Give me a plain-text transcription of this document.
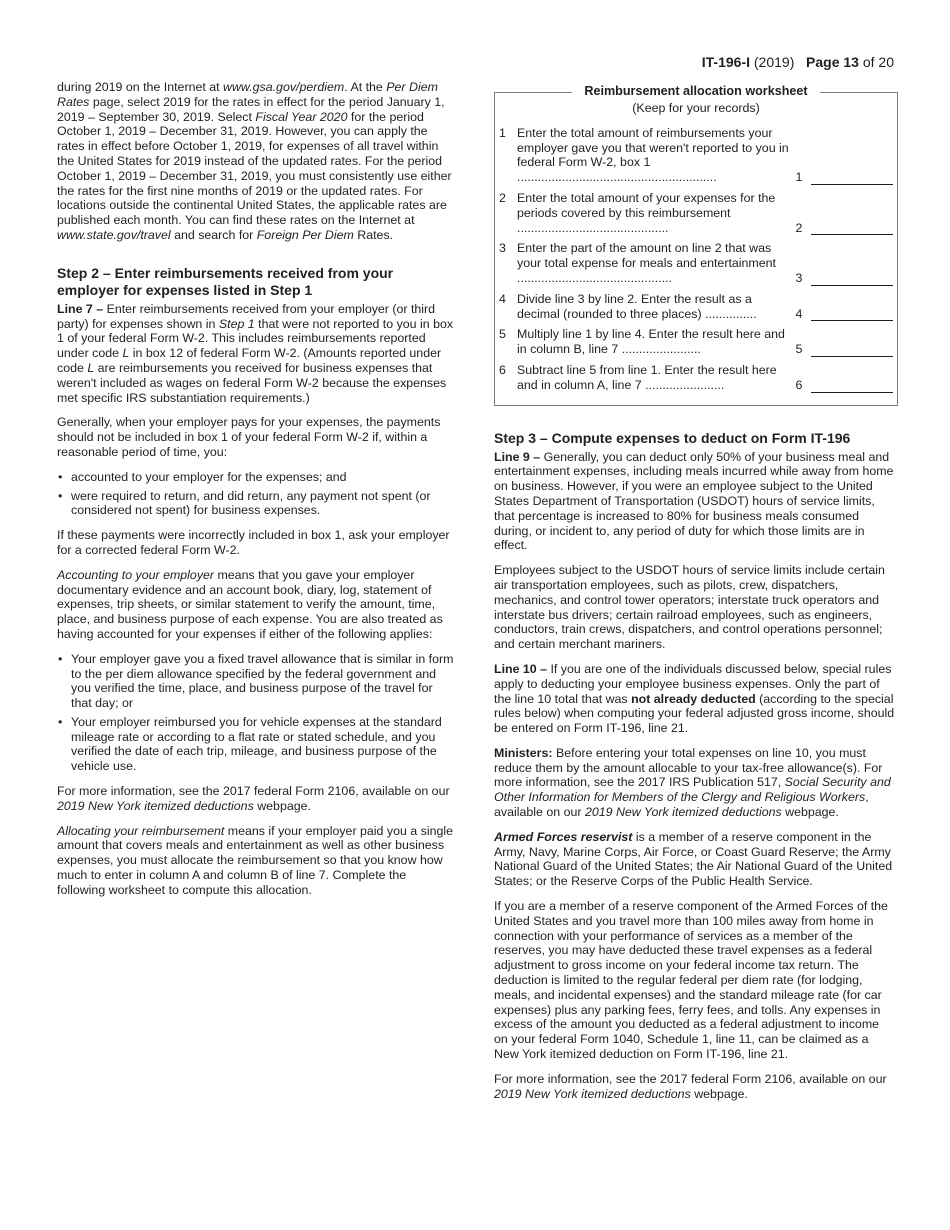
IT-196-I (2019) Page 13 of 20

during 2019 on the Internet at www.gsa.gov/perdiem. At the Per Diem Rates page, select 2019 for the rates in effect for the period January 1, 2019 – September 30, 2019. Select Fiscal Year 2020 for the period October 1, 2019 – December 31, 2019. However, you can apply the rates in effect before October 1, 2019, for expenses of all travel within the United States for 2019 instead of the updated rates. For the period October 1, 2019 – December 31, 2019, you must consistently use either the rates for the first nine months of 2019 or the updated rates. For locations outside the continental United States, the applicable rates are published each month. You can find these rates on the Internet at www.state.gov/travel and search for Foreign Per Diem Rates.

Step 2 – Enter reimbursements received from your employer for expenses listed in Step 1

Line 7 – Enter reimbursements received from your employer (or third party) for expenses shown in Step 1 that were not reported to you in box 1 of your federal Form W-2. This includes reimbursements reported under code L in box 12 of federal Form W-2. (Amounts reported under code L are reimbursements you received for business expenses that weren't included as wages on federal Form W-2 because the expenses met specific IRS substantiation requirements.)

Generally, when your employer pays for your expenses, the payments should not be included in box 1 of your federal Form W-2 if, within a reasonable period of time, you:

• accounted to your employer for the expenses; and
• were required to return, and did return, any payment not spent (or considered not spent) for business expenses.

If these payments were incorrectly included in box 1, ask your employer for a corrected federal Form W-2.

Accounting to your employer means that you gave your employer documentary evidence and an account book, diary, log, statement of expenses, trip sheets, or similar statement to verify the amount, time, place, and business purpose of each expense. You are also treated as having accounted for your expenses if either of the following applies:

• Your employer gave you a fixed travel allowance that is similar in form to the per diem allowance specified by the federal government and you verified the time, place, and business purpose of the travel for that day; or
• Your employer reimbursed you for vehicle expenses at the standard mileage rate or according to a flat rate or stated schedule, and you verified the date of each trip, mileage, and business purpose of the vehicle use.

For more information, see the 2017 federal Form 2106, available on our 2019 New York itemized deductions webpage.

Allocating your reimbursement means if your employer paid you a single amount that covers meals and entertainment as well as other business expenses, you must allocate the reimbursement so that you know how much to enter in column A and column B of line 7. Complete the following worksheet to compute this allocation.

Reimbursement allocation worksheet
(Keep for your records)
1 Enter the total amount of reimbursements your employer gave you that weren't reported to you in federal Form W-2, box 1 ..........................................................	1
2 Enter the total amount of your expenses for the periods covered by this reimbursement ............................................	2
3 Enter the part of the amount on line 2 that was your total expense for meals and entertainment .............................................	3
4 Divide line 3 by line 2. Enter the result as a decimal (rounded to three places) ...............	4
5 Multiply line 1 by line 4. Enter the result here and in column B, line 7 .......................	5
6 Subtract line 5 from line 1. Enter the result here and in column A, line 7 .......................	6
Step 3 – Compute expenses to deduct on Form IT-196

Line 9 – Generally, you can deduct only 50% of your business meal and entertainment expenses, including meals incurred while away from home on business. However, if you were an employee subject to the United States Department of Transportation (USDOT) hours of service limits, that percentage is increased to 80% for business meals consumed during, or incident to, any period of duty for which those limits are in effect.

Employees subject to the USDOT hours of service limits include certain air transportation employees, such as pilots, crew, dispatchers, mechanics, and control tower operators; interstate truck operators and interstate bus drivers; certain railroad employees, such as engineers, conductors, train crews, dispatchers, and control operations personnel; and certain merchant mariners.

Line 10 – If you are one of the individuals discussed below, special rules apply to deducting your employee business expenses. Only the part of the line 10 total that was not already deducted (according to the special rules below) when computing your federal adjusted gross income, should be entered on Form IT-196, line 21.

Ministers: Before entering your total expenses on line 10, you must reduce them by the amount allocable to your tax-free allowance(s). For more information, see the 2017 IRS Publication 517, Social Security and Other Information for Members of the Clergy and Religious Workers, available on our 2019 New York itemized deductions webpage.

Armed Forces reservist is a member of a reserve component in the Army, Navy, Marine Corps, Air Force, or Coast Guard Reserve; the Army National Guard of the United States; the Air National Guard of the United States; or the Reserve Corps of the Public Health Service.

If you are a member of a reserve component of the Armed Forces of the United States and you travel more than 100 miles away from home in connection with your performance of services as a member of the reserves, you may have deducted these travel expenses as a federal adjustment to gross income on your federal income tax return. The deduction is limited to the regular federal per diem rate (for lodging, meals, and incidental expenses) and the standard mileage rate (for car expenses) plus any parking fees, ferry fees, and tolls. Any expenses in excess of the amount you deducted as a federal adjustment to income on your federal Form 1040, Schedule 1, line 11, can be claimed as a New York itemized deduction on Form IT-196, line 21.

For more information, see the 2017 federal Form 2106, available on our 2019 New York itemized deductions webpage.
